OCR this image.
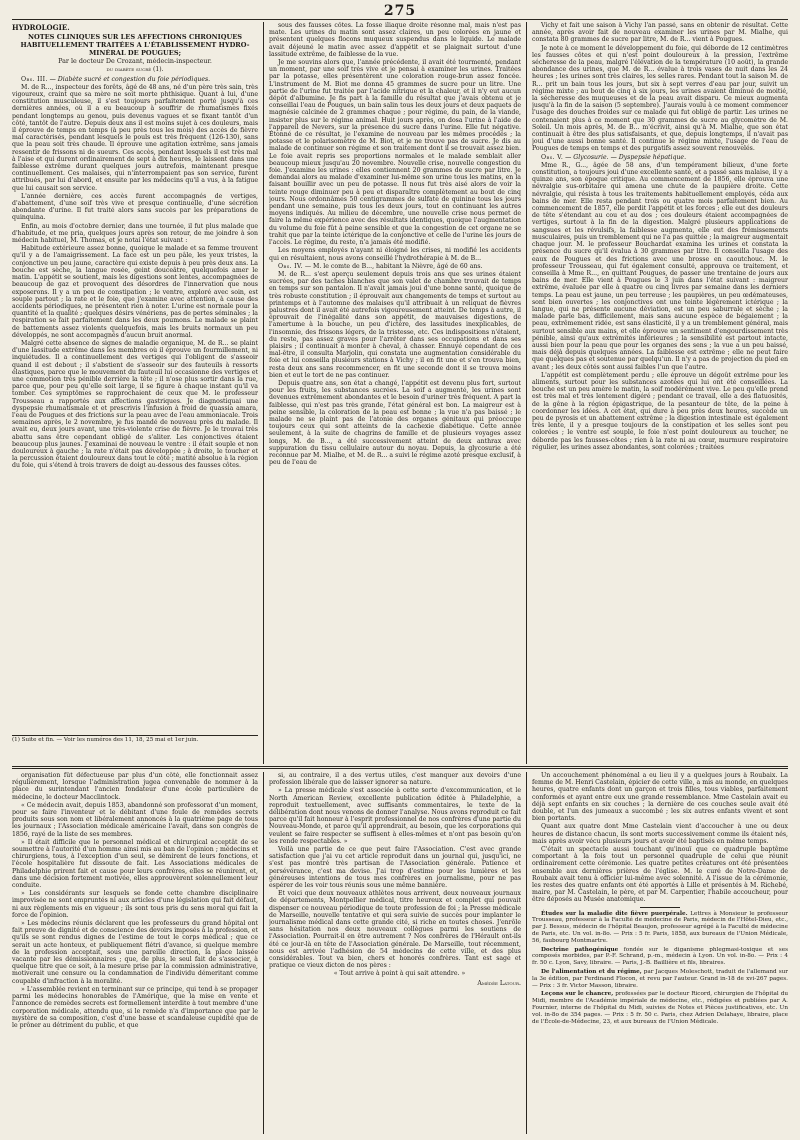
275
HYDROLOGIE.
NOTES CLINIQUES SUR LES AFFECTIONS CHRONIQUES HABITUELLEMENT TRAITÉES A L'ÉTABLISSEMENT HYDRO-MINÉRAL DE POUGUES;
Par le docteur De Crozant, médecin-inspecteur.
du diabète sucré (1).

Obs. III. — Diabète sucré et congestion du foie périodiques.

M. de R..., inspecteur des forêts, âgé de 48 ans, né d'un père très sain, très vigoureux, craint que sa mère ne soit morte phthisique. Quant à lui, d'une constitution musculeuse, il s'est toujours parfaitement porté jusqu'à ces dernières années, où il a eu beaucoup à souffrir de rhumatismes fixés pendant longtemps au genou, puis devenus vagues et se fixant tantôt d'un côté, tantôt de l'autre. Depuis deux ans il est moins sujet à ces douleurs, mais il éprouve de temps en temps (à peu près tous les mois) des accès de fièvre mal caractérisés, pendant lesquels le pouls est très fréquent (126-130), sans que la peau soit très chaude. Il éprouve une agitation extrême, sans jamais ressentir de frissons ni de sueurs. Ces accès, pendant lesquels il est très mal à l'aise et qui durent ordinairement de sept à dix heures, le laissent dans une faiblesse extrême durant quelques jours autrefois, maintenant presque continuellement. Ces malaises, qui n'interrompaient pas son service, furent attribués, par lui d'abord, et ensuite par les médecins qu'il a vus, à la fatigue que lui causait son service.

L'année dernière, ces accès furent accompagnés de vertiges, d'abattement, d'une soif très vive et presque continuelle, d'une sécrétion abondante d'urine. Il fut traité alors sans succès par les préparations de quinquina.

Enfin, au mois d'octobre dernier, dans une tournée, il fut plus malade que d'habitude, et me pria, quelques jours après son retour, de me joindre à son médecin habituel, M. Thomas, et je notai l'état suivant :

Habitude extérieure assez bonne, quoique le malade et sa femme trouvent qu'il y a de l'amaigrissement. La face est un peu pâle, les yeux tristes, la conjonctive un peu jaune, caractère qui existe depuis à peu près deux ans. La bouche est sèche, la langue rosée, geint douceâtre, quelquefois amer le matin. L'appétit se soutient, mais les digestions sont lentes, accompagnées de beaucoup de gaz et provoquent des désordres de l'innervation que nous exposerons. Il y a un peu de constipation ; le ventre, exploré avec soin, est souple partout ; la rate et le foie, que j'examine avec attention, à cause des accidents périodiques, ne présentent rien à noter. L'urine est normale pour la quantité et la qualité ; quelques désirs vénériens, pas de pertes séminales ; la respiration se fait parfaitement dans les deux poumons. Le malade se plaint de battements assez violents quelquefois, mais les bruits normaux un peu développés, ne sont accompagnés d'aucun bruit anormal.

Malgré cette absence de signes de maladie organique, M. de R... se plaint d'une lassitude extrême dans les membres où il éprouve un fourmillement, ni inquiétudes. Il a continuellement des vertiges qui l'obligent de s'asseoir quand il est debout ; il s'abstient de s'asseoir sur des fauteuils à ressorts élastiques, parce que le mouvement du fauteuil lui occasionne des vertiges et une commotion très pénible derrière la tête ; il n'ose plus sortir dans la rue, parce que, pour peu qu'elle soit large, il se figure à chaque instant qu'il va tomber. Ces symptômes se rapprochaient de ceux que M. le professeur Trousseau a rapportés aux affections gastriques. Je diagnostiquai une dyspepsie rhumatismale et et prescrivis l'infusion à froid de quassia amara, l'eau de Pougues et des frictions sur la peau avec de l'eau ammoniacale. Trois semaines après, le 2 novembre, je fus mandé de nouveau près du malade. Il avait eu, deux jours avant, une très-violente crise de fièvre. Je le trouvai très abattu sans être cependant obligé de s'aliter. Les conjonctives étaient beaucoup plus jaunes. J'examinai de nouveau le ventre : il était souple et non douloureux à gauche ; la rate n'était pas développée ; à droite, le toucher et la percussion étaient douloureux dans tout le côté ; matité absolue à la région du foie, qui s'étend à trois travers de doigt au-dessous des fausses côtes.

(1) Suite et fin. — Voir les numéros des 11, 18, 25 mai et 1er juin.

sous des fausses côtes. La fosse iliaque droite résonne mal, mais n'est pas mate. Les urines du matin sont assez claires, un peu colorées en jaune et présentent quelques flocons muqueux suspendus dans le liquide. Le malade avait déjeuné le matin avec assez d'appétit et se plaignait surtout d'une lassitude extrême, de faiblesse de la vue.

Je me souvins alors que, l'année précédente, il avait été tourmenté, pendant un moment, par une soif très vive et je pensai à examiner les urines. Traitées par la potasse, elles présentèrent une coloration rouge-brun assez foncée. L'instrument de M. Biot me donna 45 grammes de sucre pour un litre. Une partie de l'urine fut traitée par l'acide nitrique et la chaleur, et il n'y eut aucun dépôt d'albumine. Je fis part à la famille du résultat que j'avais obtenu et je conseillai l'eau de Pougues, un bain salin tous les deux jours et deux paquets de magnésie calcinée de 2 grammes chaque ; pour régime, du pain, de la viande, insister plus sur le régime animal. Huit jours après, on dosa l'urine à l'aide de l'appareil de Nevers, sur la présence du sucre dans l'urine. Elle fut négative. Étonné de ce résultat, je l'examine de nouveau par les mêmes procédés ; la potasse et le polarisomètre de M. Biot, et je ne trouve pas de sucre. Je dis au malade de continuer son régime et son traitement dont il se trouvait assez bien. Le foie avait repris ses proportions normales et le malade semblait aller beaucoup mieux jusqu'au 20 novembre. Nouvelle crise, nouvelle congestion du foie. J'examine les urines : elles contiennent 20 grammes de sucre par litre. Je demandai alors au malade d'examiner lui-même son urine tous les matins, en la faisant bouillir avec un peu de potasse. Il nous fut très aisé alors de voir la teinte rouge diminuer peu à peu et disparaître complètement au bout de cinq jours. Nous ordonnâmes 50 centigrammes de sulfate de quinine tous les jours pendant une semaine, puis tous les deux jours, tout en continuant les autres moyens indiqués. Au milieu de décembre, une nouvelle crise nous permet de faire la même expérience avec des résultats identiques, quoique l'augmentation du volume du foie fût à peine sensible et que la congestion de cet organe ne se trahit que par la teinte ictérique de la conjonctive et celle de l'urine les jours de l'accès. Le régime, du reste, n'a jamais été modifié.

Les moyens employés n'ayant ni éloigné les crises, ni modifié les accidents qui en résultaient, nous avons conseillé l'hydrothérapie à M. de B...

Obs. IV. — M. le comte de B..., habitant la Nièvre, âgé de 60 ans.

M. de R... s'est aperçu seulement depuis trois ans que ses urines étaient sucrées, par des taches blanches que son valet de chambre trouvait de temps en temps sur son pantalon. Il n'avait jamais joui d'une bonne santé, quoique de très robuste constitution ; il éprouvait aux changements de temps et surtout au printemps et à l'automne des malaises qu'il attribuait à un reliquat de fièvres palustres dont il avait été autrefois vigoureusement atteint. De temps à autre, il éprouvait de l'inégalité dans son appétit, de mauvaises digestions, de l'amertume à la bouche, un peu d'ictère, des lassitudes inexplicables, de l'insomnie, des frissons légers, de la tristesse, etc. Ces indispositions n'étaient, du reste, pas assez graves pour l'arrêter dans ses occupations et dans ses plaisirs ; il continuait à monter à cheval, à chasser. Ennuyé cependant de ces mal-être, il consulta Marjolin, qui constata une augmentation considérable du foie et lui conseilla plusieurs stations à Vichy ; il en fit une et s'en trouva bien, resta deux ans sans recommencer, en fit une seconde dont il se trouva moins bien et eut le tort de ne pas continuer.

Depuis quatre ans, son état a changé, l'appétit est devenu plus fort, surtout pour les fruits, les substances sucrées. La soif a augmenté, les urines sont devenues extrêmement abondantes et le besoin d'uriner très fréquent. A part la faiblesse, qui n'est pas très grande, l'état général est bon. La maigreur est à peine sensible, la coloration de la peau est bonne ; la vue n'a pas baissé ; le malade ne se plaint pas de l'atonie des organes génitaux qui préoccupe toujours ceux qui sont atteints de la cachexie diabétique. Cette année seulement, à la suite de chagrins de famille et de plusieurs voyages assez longs, M. de B..., a été successivement atteint de deux anthrax avec suppuration du tissu cellulaire autour du noyau. Depuis, la glycosurie a été reconnue par M. Mialhe, et M. de R... a suivi le régime azoté presque exclusif, à peu de l'eau de

Vichy et fait une saison à Vichy l'an passé, sans en obtenir de résultat. Cette année, après avoir fait de nouveau examiner les urines par M. Mialhe, qui constata 80 grammes de sucre par litre, M. de R... vient à Pougues.

Je note à ce moment le développement du foie, qui déborde de 12 centimètres les fausses côtes et qui n'est point douloureux à la pression, l'extrême sécheresse de la peau, malgré l'élévation de la température (10 août), la grande abondance des urines, que M. de R... évalue à trois vases de nuit dans les 24 heures ; les urines sont très claires, les selles rares. Pendant tout la saison M. de R... prit un bain tous les jours, but six à sept verres d'eau par jour, suivit un régime mixte ; au bout de cinq à six jours, les urines avaient diminué de moitié, la sécheresse des muqueuses et de la peau avait disparu. Ce mieux augmenta jusqu'à la fin de la saison (5 septembre). J'aurais voulu à ce moment commencer l'usage des douches froides sur ce malade qui fut obligé de partir. Les urines ne contenaient plus à ce moment que 30 grammes de sucre au glycomètre de M. Soleil. Un mois après, M. de B... m'écrivit, ainsi qu'à M. Mialhe, que son état continuait à être des plus satisfaisants, et que, depuis longtemps, il n'avait pas joui d'une aussi bonne santé. Il continue le régime mixte, l'usage de l'eau de Pougues de temps en temps et des purgatifs assez souvent renouvelés.

Obs. V. — Glycosurie. — Dyspepsie hépatique.

Mme R., G..., âgée de 58 ans, d'un tempérament bilieux, d'une forte constitution, a toujours joui d'une excellente santé, et a passé sans malaise, il y a quinze ans, son époque critique. Au commencement de 1856, elle éprouva une névralgie sus-orbitaire qui amena une chute de la paupière droite. Cette névralgie, qui résista à tous les traitements habituellement employés, céda aux bains de mer. Elle resta pendant trois ou quatre mois parfaitement bien. Au commencement de 1857, elle perdit l'appétit et les forces ; elle eut des douleurs de tête s'étendant au cou et au dos ; ces douleurs étaient accompagnées de vertiges, surtout à la fin de la digestion. Malgré plusieurs applications de sangsues et les révulsifs, la faiblesse augmenta, elle eut des frémissements musculaires, puis un tremblement qui ne l'a pas quittée ; la maigreur augmentait chaque jour. M. le professeur Bouchardat examina les urines et constata la présence du sucre qu'il évalua à 30 grammes par litre. Il conseilla l'usage des eaux de Pougues et des frictions avec une brosse en caoutchouc. M. le professeur Trousseau, qui fut également consulté, approuva ce traitement, et conseilla à Mme R..., en quittant Pougues, de passer une trentaine de jours aux bains de mer. Elle vient à Pougues le 3 juin dans l'état suivant : maigreur extrême, évaluée par elle à quatre ou cinq livres par semaine dans les derniers temps. La peau est jaune, un peu terreuse ; les paupières, un peu œdémateuses, sont bien ouvertes ; les conjonctives ont une teinte légèrement ictérique ; la langue, qui ne présente aucune déviation, est un peu saburrale et sèche ; la malade parle bas, difficilement, mais sans aucune espèce de bégaiement ; la peau, extrêmement ridée, est sans élasticité, il y a un tremblement général, mais surtout sensible aux mains, et elle éprouve un sentiment d'engourdissement très pénible, ainsi qu'aux extrémités inférieures ; la sensibilité est partout intacte, aussi bien pour la peau que pour les organes des sens ; la vue a un peu baissé, mais déjà depuis quelques années. La faiblesse est extrême ; elle ne peut faire que quelques pas et soutenue par quelqu'un. Il n'y a pas de projection du pied en avant ; les deux côtés sont aussi faibles l'un que l'autre.

L'appétit est complètement perdu ; elle éprouve un dégoût extrême pour les aliments, surtout pour les substances azotées qui lui ont été conseillées. La bouche est un peu amère le matin, la soif modérément vive. Le peu qu'elle prend est très mal et très lentement digéré ; pendant ce travail, elle a des flatuosités, de la gêne à la région épigastrique, de la pesanteur de tête, de la peine à coordonner les idées. A cet état, qui dure à peu près deux heures, succède un peu de pyrosis et un abattement extrême ; la digestion intestinale est également très lente, il y a presque toujours de la constipation et les selles sont peu colorées ; le ventre est souple, le foie n'est point douloureux au toucher, ne déborde pas les fausses-côtes ; rien à la rate ni au cœur, murmure respiratoire régulier, les urines assez abondantes, sont colorées ; traitées

organisation fût défectueuse par plus d'un côté, elle fonctionnait assez régulièrement, lorsque l'administration jugea convenable de nommer à la place du surintendant l'ancien fondateur d'une école particulière de médecine, le docteur Macclintock.

« Ce médecin avait, depuis 1853, abandonné son professorat d'un moment, pour se faire l'inventeur et le débitant d'une foule de remèdes secrets produits sous son nom et libéralement annoncés à la quatrième page de tous les journaux ; l'Association médicale américaine l'avait, dans son congrès de 1856, rayé de la liste de ses membres.

» Il était difficile que le personnel médical et chirurgical acceptât de se soumettre à l'autorité d'un homme ainsi mis au ban de l'opinion ; médecins et chirurgiens, tous, à l'exception d'un seul, se démirent de leurs fonctions, et l'école hospitalière fut dissoute de fait. Les Associations médicales de Philadelphie prirent fait et cause pour leurs confrères, elles se réunirent, et, dans une décision fortement motivée, elles approuvèrent solennellement leur conduite.

» Les considérants sur lesquels se fonde cette chambre disciplinaire improvisée ne sont empruntés ni aux articles d'une législation qui fait défaut, ni aux règlements mis en vigueur ; ils sont tous pris du sens moral qui fait la force de l'opinion.

» Les médecins réunis déclarent que les professeurs du grand hôpital ont fait preuve de dignité et de conscience des devoirs imposés à la profession, et qu'ils se sont rendus dignes de l'estime de tout le corps médical ; que ce serait un acte honteux, et publiquement flétri d'avance, si quelque membre de la profession acceptait, sous une pareille direction, la place laissée vacante par les démissionnaires ; que, de plus, le seul fait de s'associer, à quelque titre que ce soit, à la mesure prise par la commission administrative, motiverait une censure ou la condamnation de l'individu démeritant comme coupable d'infraction à la moralité.

» L'assemblée revient en terminant sur ce principe, qui tend à se propager parmi les médecins honorables de l'Amérique, que la mise en vente et l'annonce de remèdes secrets est formellement interdite à tout membre d'une corporation médicale, attendu que, si le remède n'a d'importance que par le mystère de sa composition, c'est d'une basse et scandaleuse cupidité que de le prôner au détriment du public, et que

si, au contraire, il a des vertus utiles, c'est manquer aux devoirs d'une profession libérale que de laisser ignorer sa nature.

» La presse médicale s'est associée à cette sorte d'excommunication, et le North American Review, excellente publication éditée à Philadelphie, a reproduit textuellement, avec suffisants commentaires, le texte de la délibération dont nous venons de donner l'analyse. Nous avons reproduit ce fait parce qu'il fait honneur à l'esprit professionnel de nos confrères d'une partie du Nouveau-Monde, et parce qu'il apprendrait, au besoin, que les corporations qui veulent se faire respecter se suffisent à elles-mêmes et n'ont pas besoin qu'on les rende respectables. »

Voilà une partie de ce que peut faire l'Association. C'est avec grande satisfaction que j'ai vu cet article reproduit dans un journal qui, jusqu'ici, ne s'est pas montré très partisan de l'Association générale. Patience et persévérance, c'est ma devise. J'ai trop d'estime pour les lumières et les généreuses intentions de tous mes confrères en journalisme, pour ne pas espérer de les voir tous réunis sous une même bannière.

Et voici que deux nouveaux athlètes nous arrivent, deux nouveaux journaux de départements, Montpellier médical, titre heureux et complet qui pouvait dispenser ce nouveau périodique de toute profession de foi ; la Presse médicale de Marseille, nouvelle tentative et qui sera suivie de succès pour implanter le journalisme médical dans cette grande cité, si riche en toutes choses. J'enrôle sans hésitation nos deux nouveaux collègues parmi les soutiens de l'Association. Pourrait-il en être autrement ? Nos confrères de l'Hérault ont-ils été ce jour-là en tête de l'Association générale. De Marseille, tout récemment, nous est arrivée l'adhésion de 54 médecins de cette ville, et des plus considérables. Tout va bien, chers et honorés confrères. Tant est sage et pratique ce vieux dicton de nos pères :

« Tout arrive à point à qui sait attendre. »

Amédée Latour.

Un accouchement phénoménal a eu lieu il y a quelques jours à Roubaix. La femme de M. Henri Castelain, épicier de cette ville, a mis au monde, en quelques heures, quatre enfants dont un garçon et trois filles, tous viables, parfaitement conformés et ayant entre eux une grande ressemblance. Mme Castelain avait eu déjà sept enfants en six couches ; la dernière de ces couches seule avait été double, et l'un des jumeaux a succombé ; les six autres enfants vivent et sont bien portants.

Quant aux quatre dont Mme Castelain vient d'accoucher à une ou deux heures de distance chacun, ils sont morts successivement comme ils étaient nés, mais après avoir vécu plusieurs jours et avoir été baptisés en même temps.

C'était un spectacle aussi touchant qu'inouï que ce quadruple baptême comportant à la fois tout un personnel quadruple de celui que réunit ordinairement cette cérémonie. Les quatre petites créatures ont été présentées ensemble aux dernières prières de l'église. M. le curé de Notre-Dame de Roubaix avait tenu à officier lui-même avec solennité. A l'issue de la cérémonie, les restes des quatre enfants ont été apportés à Lille et présentés à M. Richebé, maire, par M. Castelain, le père, et par M. Carpentier, l'habile accoucheur, pour être déposés au Musée anatomique.

Études sur la maladie dite fièvre puerpérale. Lettres à Monsieur le professeur Trousseau, professeur à la Faculté de médecine de Paris, médecin de l'Hôtel-Dieu, etc., par J. Bessus, médecin de l'hôpital Beaujon, professeur agrégé à la Faculté de médecine de Paris, etc. Un vol. in-8o. — Prix : 5 fr. Paris, 1858, aux bureaux de l'Union Médicale, 56, faubourg Montmartre.

Doctrine pathogénique fondée sur le diganisme phlegmasi-toxique et ses composés morbides, par P.-F. Schrand, p.-m., médecin à Lyon. Un vol. in-8o. — Prix : 4 fr. 50 c. Lyon, Savy, libraire. — Paris, J.-B. Baillière et fils, libraires.

De l'alimentation et du régime, par Jacques Moleschott, traduit de l'allemand sur la 3e édition, par Ferdinand Flocon, et revu par l'auteur. Grand in-18 de xvi-267 pages. — Prix : 3 fr. Victor Masson, libraire.

Leçons sur le chancre, professées par le docteur Ricord, chirurgien de l'hôpital du Midi, membre de l'Académie impériale de médecine, etc., rédigées et publiées par A. Fournier, interne de l'hôpital du Midi, suivies de Notes et Pièces justificatives, etc. Un vol. in-8o de 354 pages. — Prix : 5 fr. 50 c. Paris, chez Adrien Delahaye, libraire, place de l'École-de-Médecine, 23, et aux bureaux de l'Union Médicale.
